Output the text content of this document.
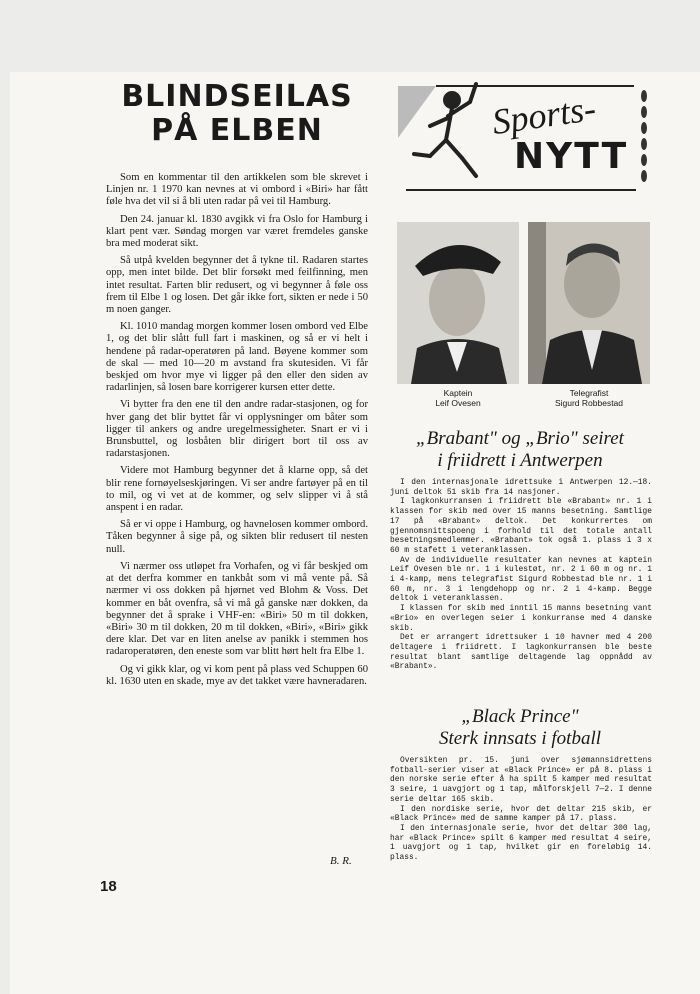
BLINDSEILAS
PÅ ELBEN

Som en kommentar til den artikkelen som ble skrevet i Linjen nr. 1 1970 kan nevnes at vi ombord i «Biri» har fått føle hva det vil si å bli uten radar på vei til Hamburg.

Den 24. januar kl. 1830 avgikk vi fra Oslo for Hamburg i klart pent vær. Søndag morgen var været fremdeles ganske bra med moderat sikt.

Så utpå kvelden begynner det å tykne til. Radaren startes opp, men intet bilde. Det blir forsøkt med feilfinning, men intet resultat. Farten blir redusert, og vi begynner å føle oss frem til Elbe 1 og losen. Det går ikke fort, sikten er nede i 50 m noen ganger.

Kl. 1010 mandag morgen kommer losen ombord ved Elbe 1, og det blir slått full fart i maskinen, og så er vi helt i hendene på radar-operatøren på land. Bøyene kommer som de skal — med 10—20 m avstand fra skutesiden. Vi får beskjed om hvor mye vi ligger på den eller den siden av radarlinjen, så losen bare korrigerer kursen etter dette.

Vi bytter fra den ene til den andre radar-stasjonen, og for hver gang det blir byttet får vi opplysninger om båter som ligger til ankers og andre uregelmessigheter. Snart er vi i Brunsbuttel, og losbåten blir dirigert bort til oss av radarstasjonen.

Videre mot Hamburg begynner det å klarne opp, så det blir rene fornøyelseskjøringen. Vi ser andre fartøyer på en til to mil, og vi vet at de kommer, og selv slipper vi å stå anspent i en radar.

Så er vi oppe i Hamburg, og havnelosen kommer ombord. Tåken begynner å sige på, og sikten blir redusert til nesten null.

Vi nærmer oss utløpet fra Vorhafen, og vi får beskjed om at det derfra kommer en tankbåt som vi må vente på. Så nærmer vi oss dokken på hjørnet ved Blohm & Voss. Det kommer en båt ovenfra, så vi må gå ganske nær dokken, da begynner det å sprake i VHF-en: «Biri» 50 m til dokken, «Biri» 30 m til dokken, 20 m til dokken, «Biri», «Biri» gikk dere klar. Det var en liten anelse av panikk i stemmen hos radaroperatøren, den eneste som var blitt hørt helt fra Elbe 1.

Og vi gikk klar, og vi kom pent på plass ved Schuppen 60 kl. 1630 uten en skade, mye av det takket være havneradaren.

B. R.
18
Sports-
NYTT
Kaptein
Leif Ovesen
Telegrafist
Sigurd Robbestad
„Brabant" og „Brio" seiret
i friidrett i Antwerpen

I den internasjonale idrettsuke i Antwerpen 12.—18. juni deltok 51 skib fra 14 nasjoner.

I lagkonkurransen i friidrett ble «Brabant» nr. 1 i klassen for skib med over 15 manns besetning. Samtlige 17 på «Brabant» deltok. Det konkurrertes om gjennomsnittspoeng i forhold til det totale antall besetningsmedlemmer. «Brabant» tok også 1. plass i 3 x 60 m stafett i veteranklassen.

Av de individuelle resultater kan nevnes at kaptein Leif Ovesen ble nr. 1 i kulestøt, nr. 2 i 60 m og nr. 1 i 4-kamp, mens telegrafist Sigurd Robbestad ble nr. 1 i 60 m, nr. 3 i lengdehopp og nr. 2 i 4-kamp. Begge deltok i veteranklassen.

I klassen for skib med inntil 15 manns besetning vant «Brio» en overlegen seier i konkurranse med 4 danske skib.

Det er arrangert idrettsuker i 10 havner med 4 200 deltagere i friidrett. I lagkonkurransen ble beste resultat blant samtlige deltagende lag oppnådd av «Brabant».

„Black Prince"
Sterk innsats i fotball

Oversikten pr. 15. juni over sjømannsidrettens fotball-serier viser at «Black Prince» er på 8. plass i den norske serie efter å ha spilt 5 kamper med resultat 3 seire, 1 uavgjort og 1 tap, målforskjell 7—2. I denne serie deltar 165 skib.

I den nordiske serie, hvor det deltar 215 skib, er «Black Prince» med de samme kamper på 17. plass.

I den internasjonale serie, hvor det deltar 300 lag, har «Black Prince» spilt 6 kamper med resultat 4 seire, 1 uavgjort og 1 tap, hvilket gir en foreløbig 14. plass.
